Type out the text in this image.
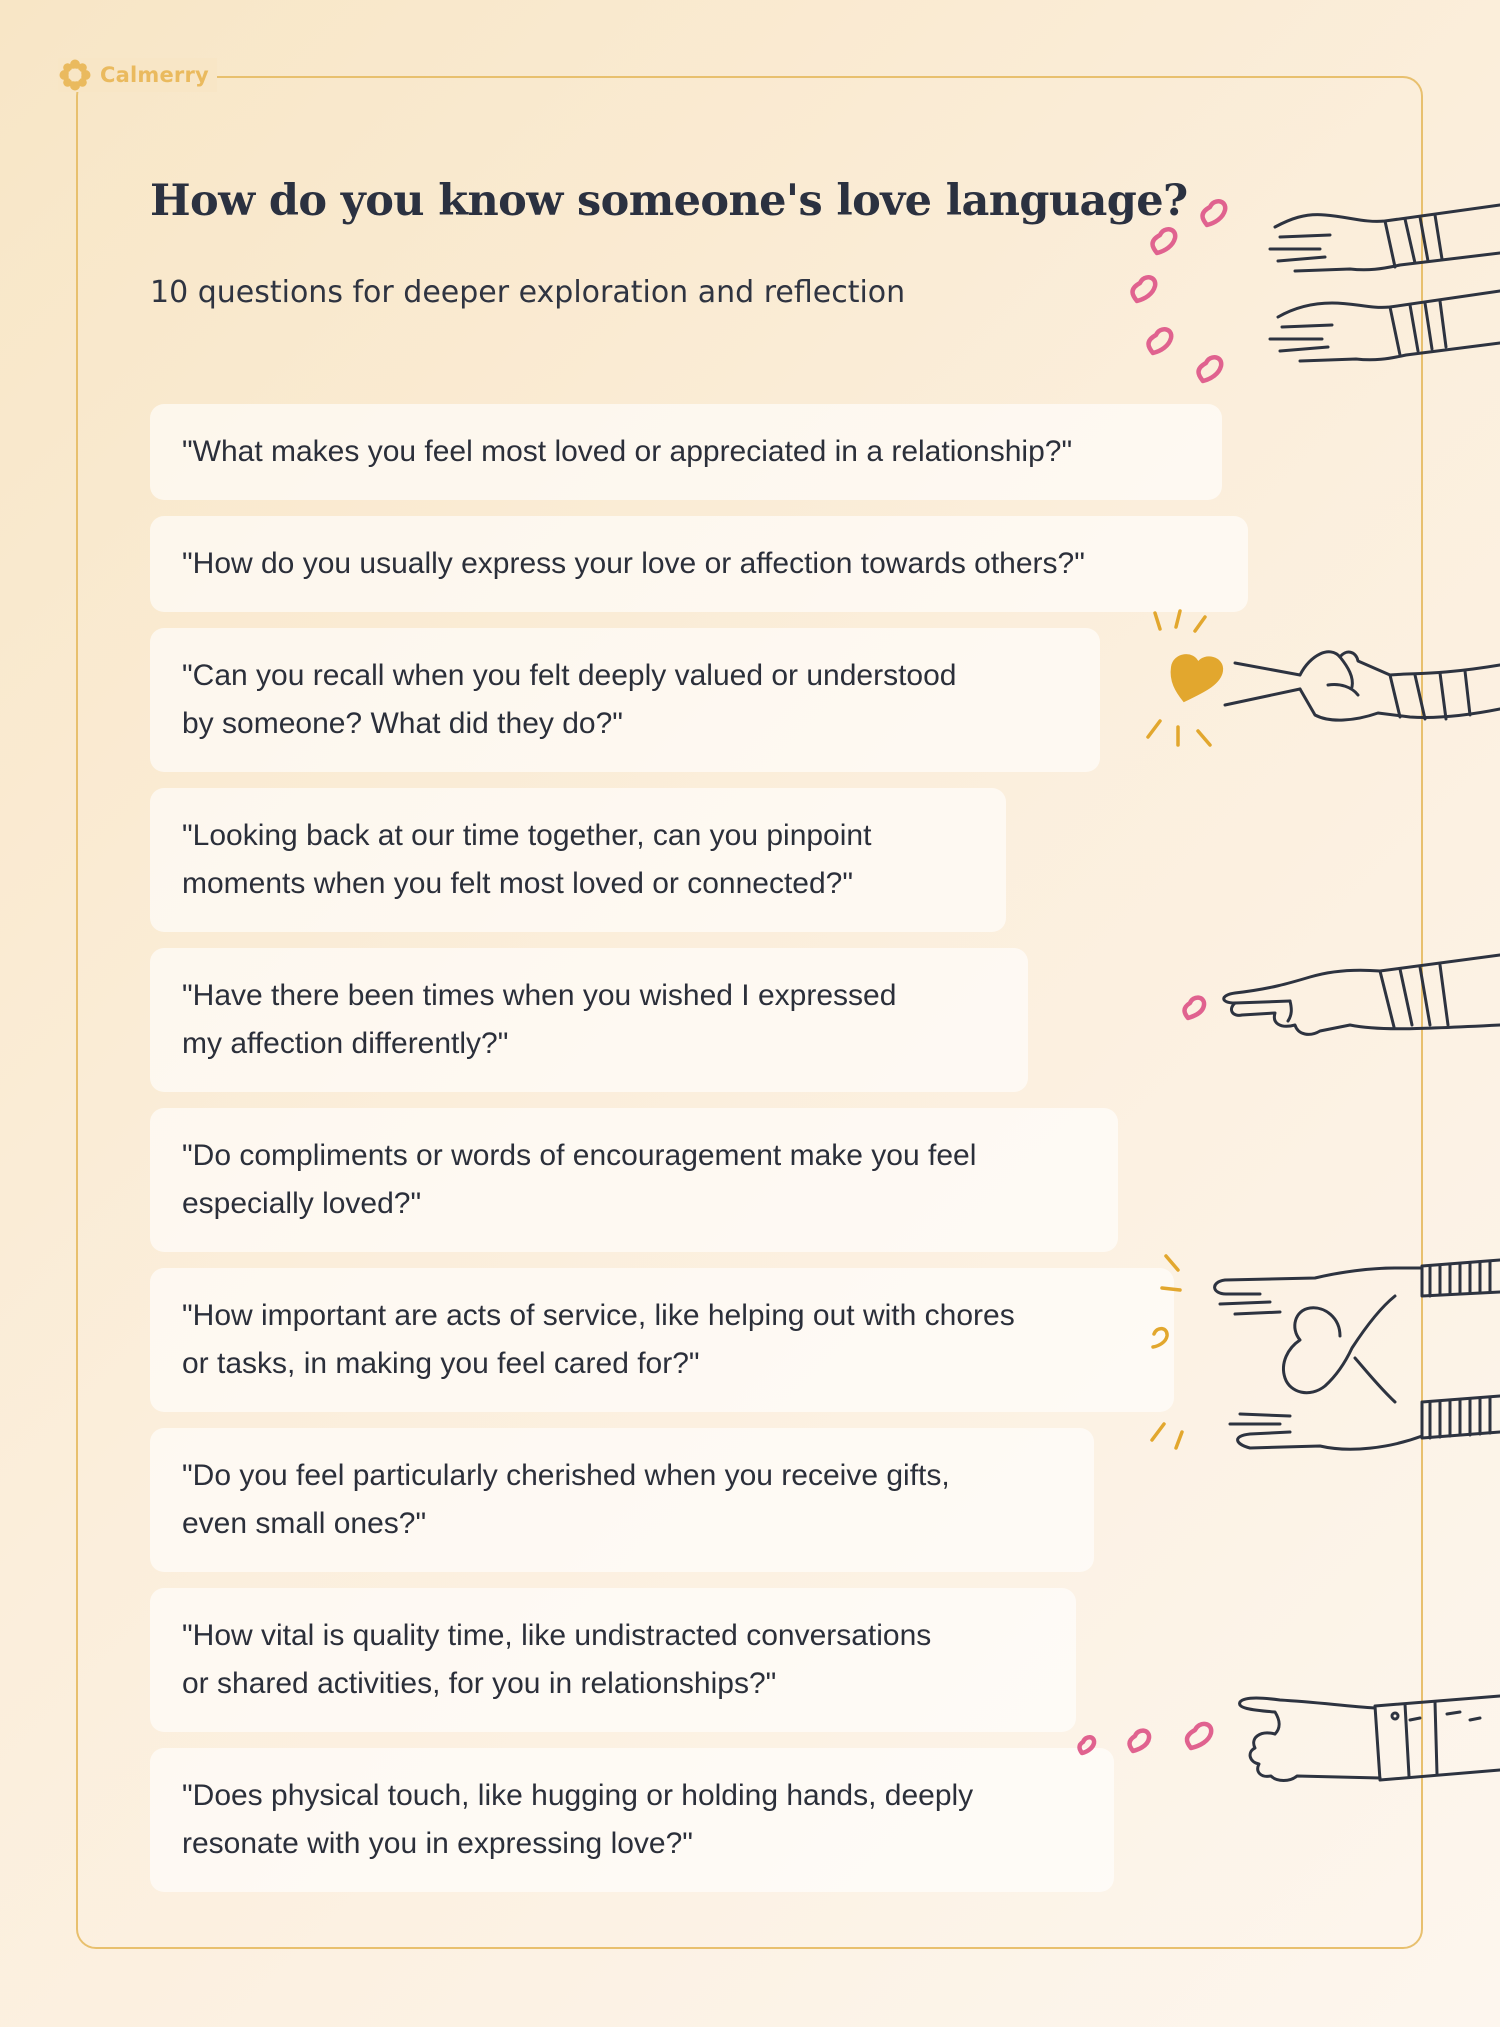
Calmerry
How do you know someone's love language?

10 questions for deeper exploration and reflection

"What makes you feel most loved or appreciated in a relationship?"
"How do you usually express your love or affection towards others?"
"Can you recall when you felt deeply valued or understood
by someone? What did they do?"
"Looking back at our time together, can you pinpoint
moments when you felt most loved or connected?"
"Have there been times when you wished I expressed
my affection differently?"
"Do compliments or words of encouragement make you feel
especially loved?"
"How important are acts of service, like helping out with chores
or tasks, in making you feel cared for?"
"Do you feel particularly cherished when you receive gifts,
even small ones?"
"How vital is quality time, like undistracted conversations
or shared activities, for you in relationships?"
"Does physical touch, like hugging or holding hands, deeply
resonate with you in expressing love?"
